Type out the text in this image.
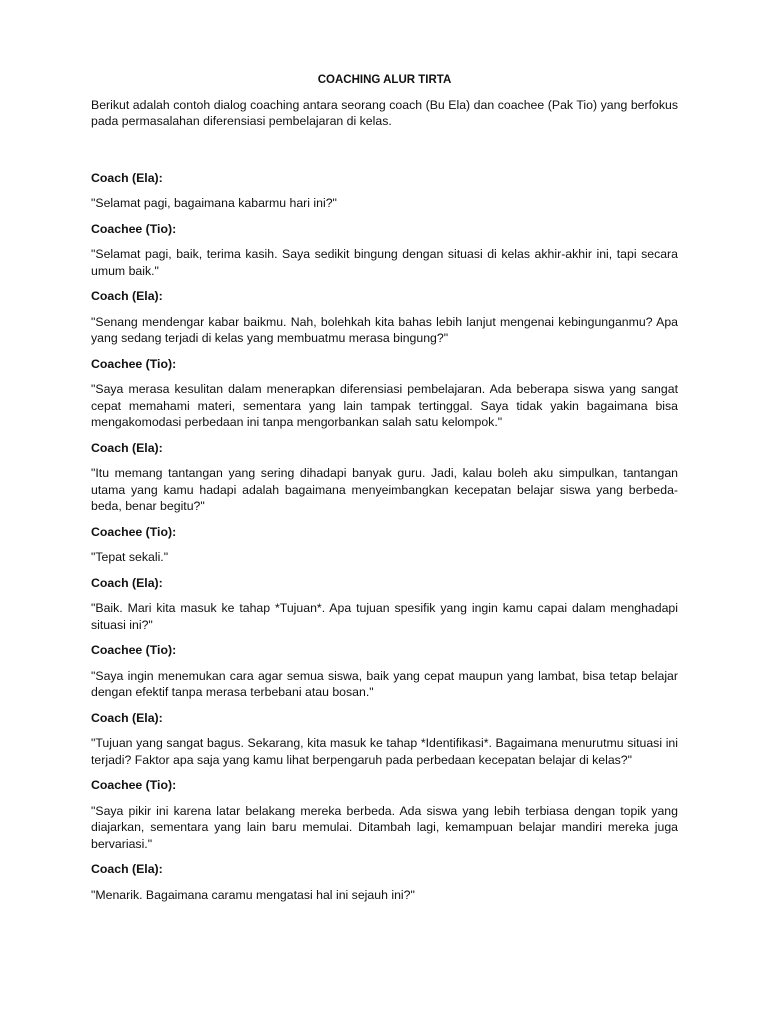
COACHING ALUR TIRTA
Berikut adalah contoh dialog coaching antara seorang coach (Bu Ela) dan coachee (Pak Tio) yang berfokus pada permasalahan diferensiasi pembelajaran di kelas.
Coach (Ela):
"Selamat pagi, bagaimana kabarmu hari ini?"
Coachee (Tio):
"Selamat pagi, baik, terima kasih. Saya sedikit bingung dengan situasi di kelas akhir-akhir ini, tapi secara umum baik."
Coach (Ela):
"Senang mendengar kabar baikmu. Nah, bolehkah kita bahas lebih lanjut mengenai kebingunganmu? Apa yang sedang terjadi di kelas yang membuatmu merasa bingung?"
Coachee (Tio):
"Saya merasa kesulitan dalam menerapkan diferensiasi pembelajaran. Ada beberapa siswa yang sangat cepat memahami materi, sementara yang lain tampak tertinggal. Saya tidak yakin bagaimana bisa mengakomodasi perbedaan ini tanpa mengorbankan salah satu kelompok."
Coach (Ela):
"Itu memang tantangan yang sering dihadapi banyak guru. Jadi, kalau boleh aku simpulkan, tantangan utama yang kamu hadapi adalah bagaimana menyeimbangkan kecepatan belajar siswa yang berbeda-beda, benar begitu?"
Coachee (Tio):
"Tepat sekali."
Coach (Ela):
"Baik. Mari kita masuk ke tahap *Tujuan*. Apa tujuan spesifik yang ingin kamu capai dalam menghadapi situasi ini?"
Coachee (Tio):
"Saya ingin menemukan cara agar semua siswa, baik yang cepat maupun yang lambat, bisa tetap belajar dengan efektif tanpa merasa terbebani atau bosan."
Coach (Ela):
"Tujuan yang sangat bagus. Sekarang, kita masuk ke tahap *Identifikasi*. Bagaimana menurutmu situasi ini terjadi? Faktor apa saja yang kamu lihat berpengaruh pada perbedaan kecepatan belajar di kelas?"
Coachee (Tio):
"Saya pikir ini karena latar belakang mereka berbeda. Ada siswa yang lebih terbiasa dengan topik yang diajarkan, sementara yang lain baru memulai. Ditambah lagi, kemampuan belajar mandiri mereka juga bervariasi."
Coach (Ela):
"Menarik. Bagaimana caramu mengatasi hal ini sejauh ini?"
